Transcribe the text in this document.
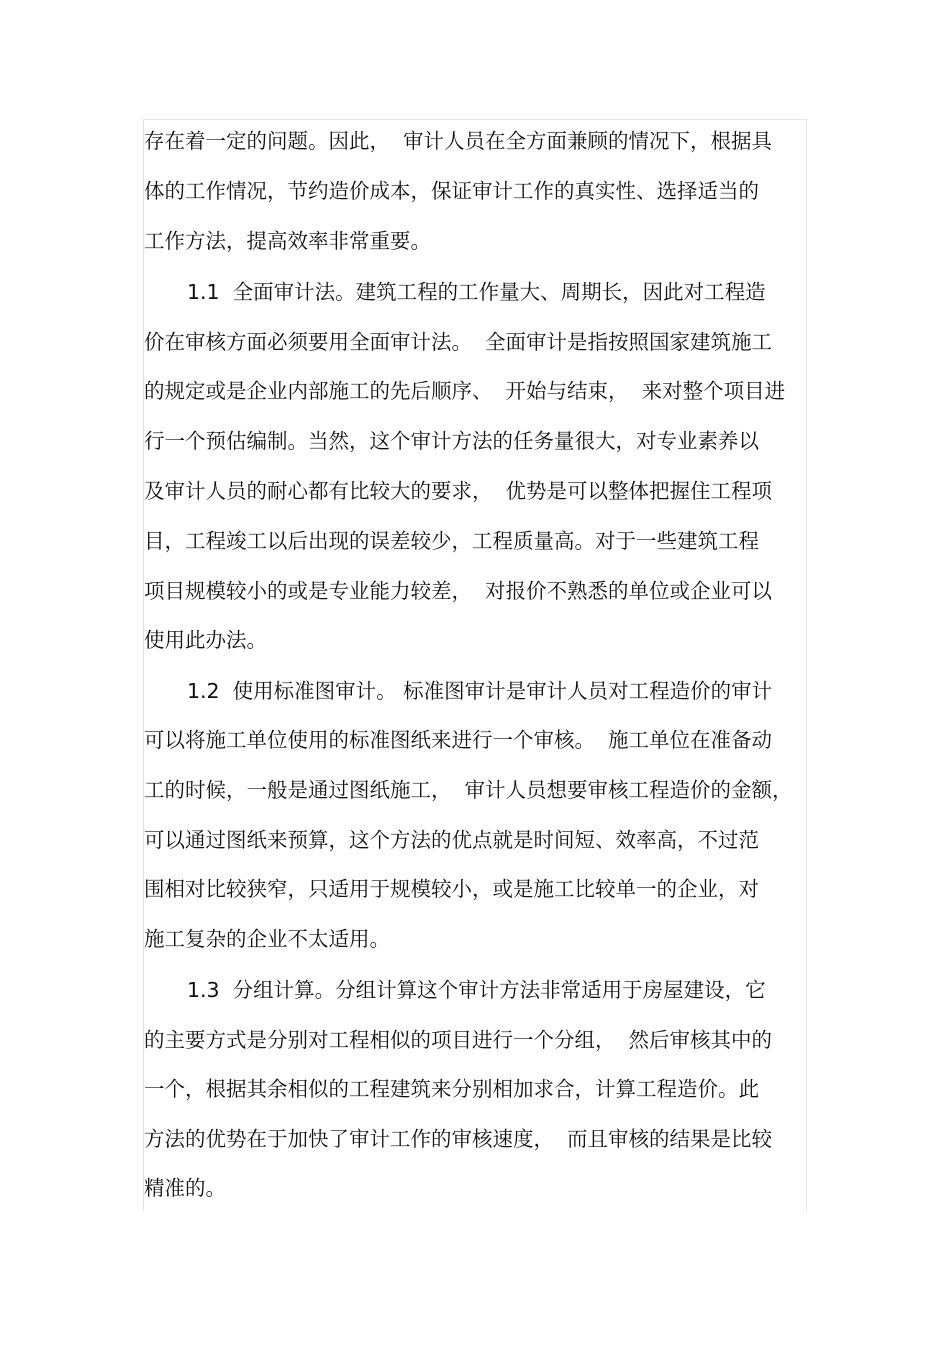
存在着一定的问题。因此，  审计人员在全方面兼顾的情况下，根据具
体的工作情况，节约造价成本，保证审计工作的真实性、选择适当的
工作方法，提高效率非常重要。
1.1  全面审计法。建筑工程的工作量大、周期长，因此对工程造
价在审核方面必须要用全面审计法。  全面审计是指按照国家建筑施工
的规定或是企业内部施工的先后顺序、  开始与结束，  来对整个项目进
行一个预估编制。当然，这个审计方法的任务量很大，对专业素养以
及审计人员的耐心都有比较大的要求，  优势是可以整体把握住工程项
目，工程竣工以后出现的误差较少，工程质量高。对于一些建筑工程
项目规模较小的或是专业能力较差，  对报价不熟悉的单位或企业可以
使用此办法。
1.2  使用标准图审计。 标准图审计是审计人员对工程造价的审计
可以将施工单位使用的标准图纸来进行一个审核。  施工单位在准备动
工的时候，一般是通过图纸施工，  审计人员想要审核工程造价的金额，
可以通过图纸来预算，这个方法的优点就是时间短、效率高，不过范
围相对比较狭窄，只适用于规模较小，或是施工比较单一的企业，对
施工复杂的企业不太适用。
1.3  分组计算。分组计算这个审计方法非常适用于房屋建设，它
的主要方式是分别对工程相似的项目进行一个分组，  然后审核其中的
一个，根据其余相似的工程建筑来分别相加求合，计算工程造价。此
方法的优势在于加快了审计工作的审核速度，  而且审核的结果是比较
精准的。
